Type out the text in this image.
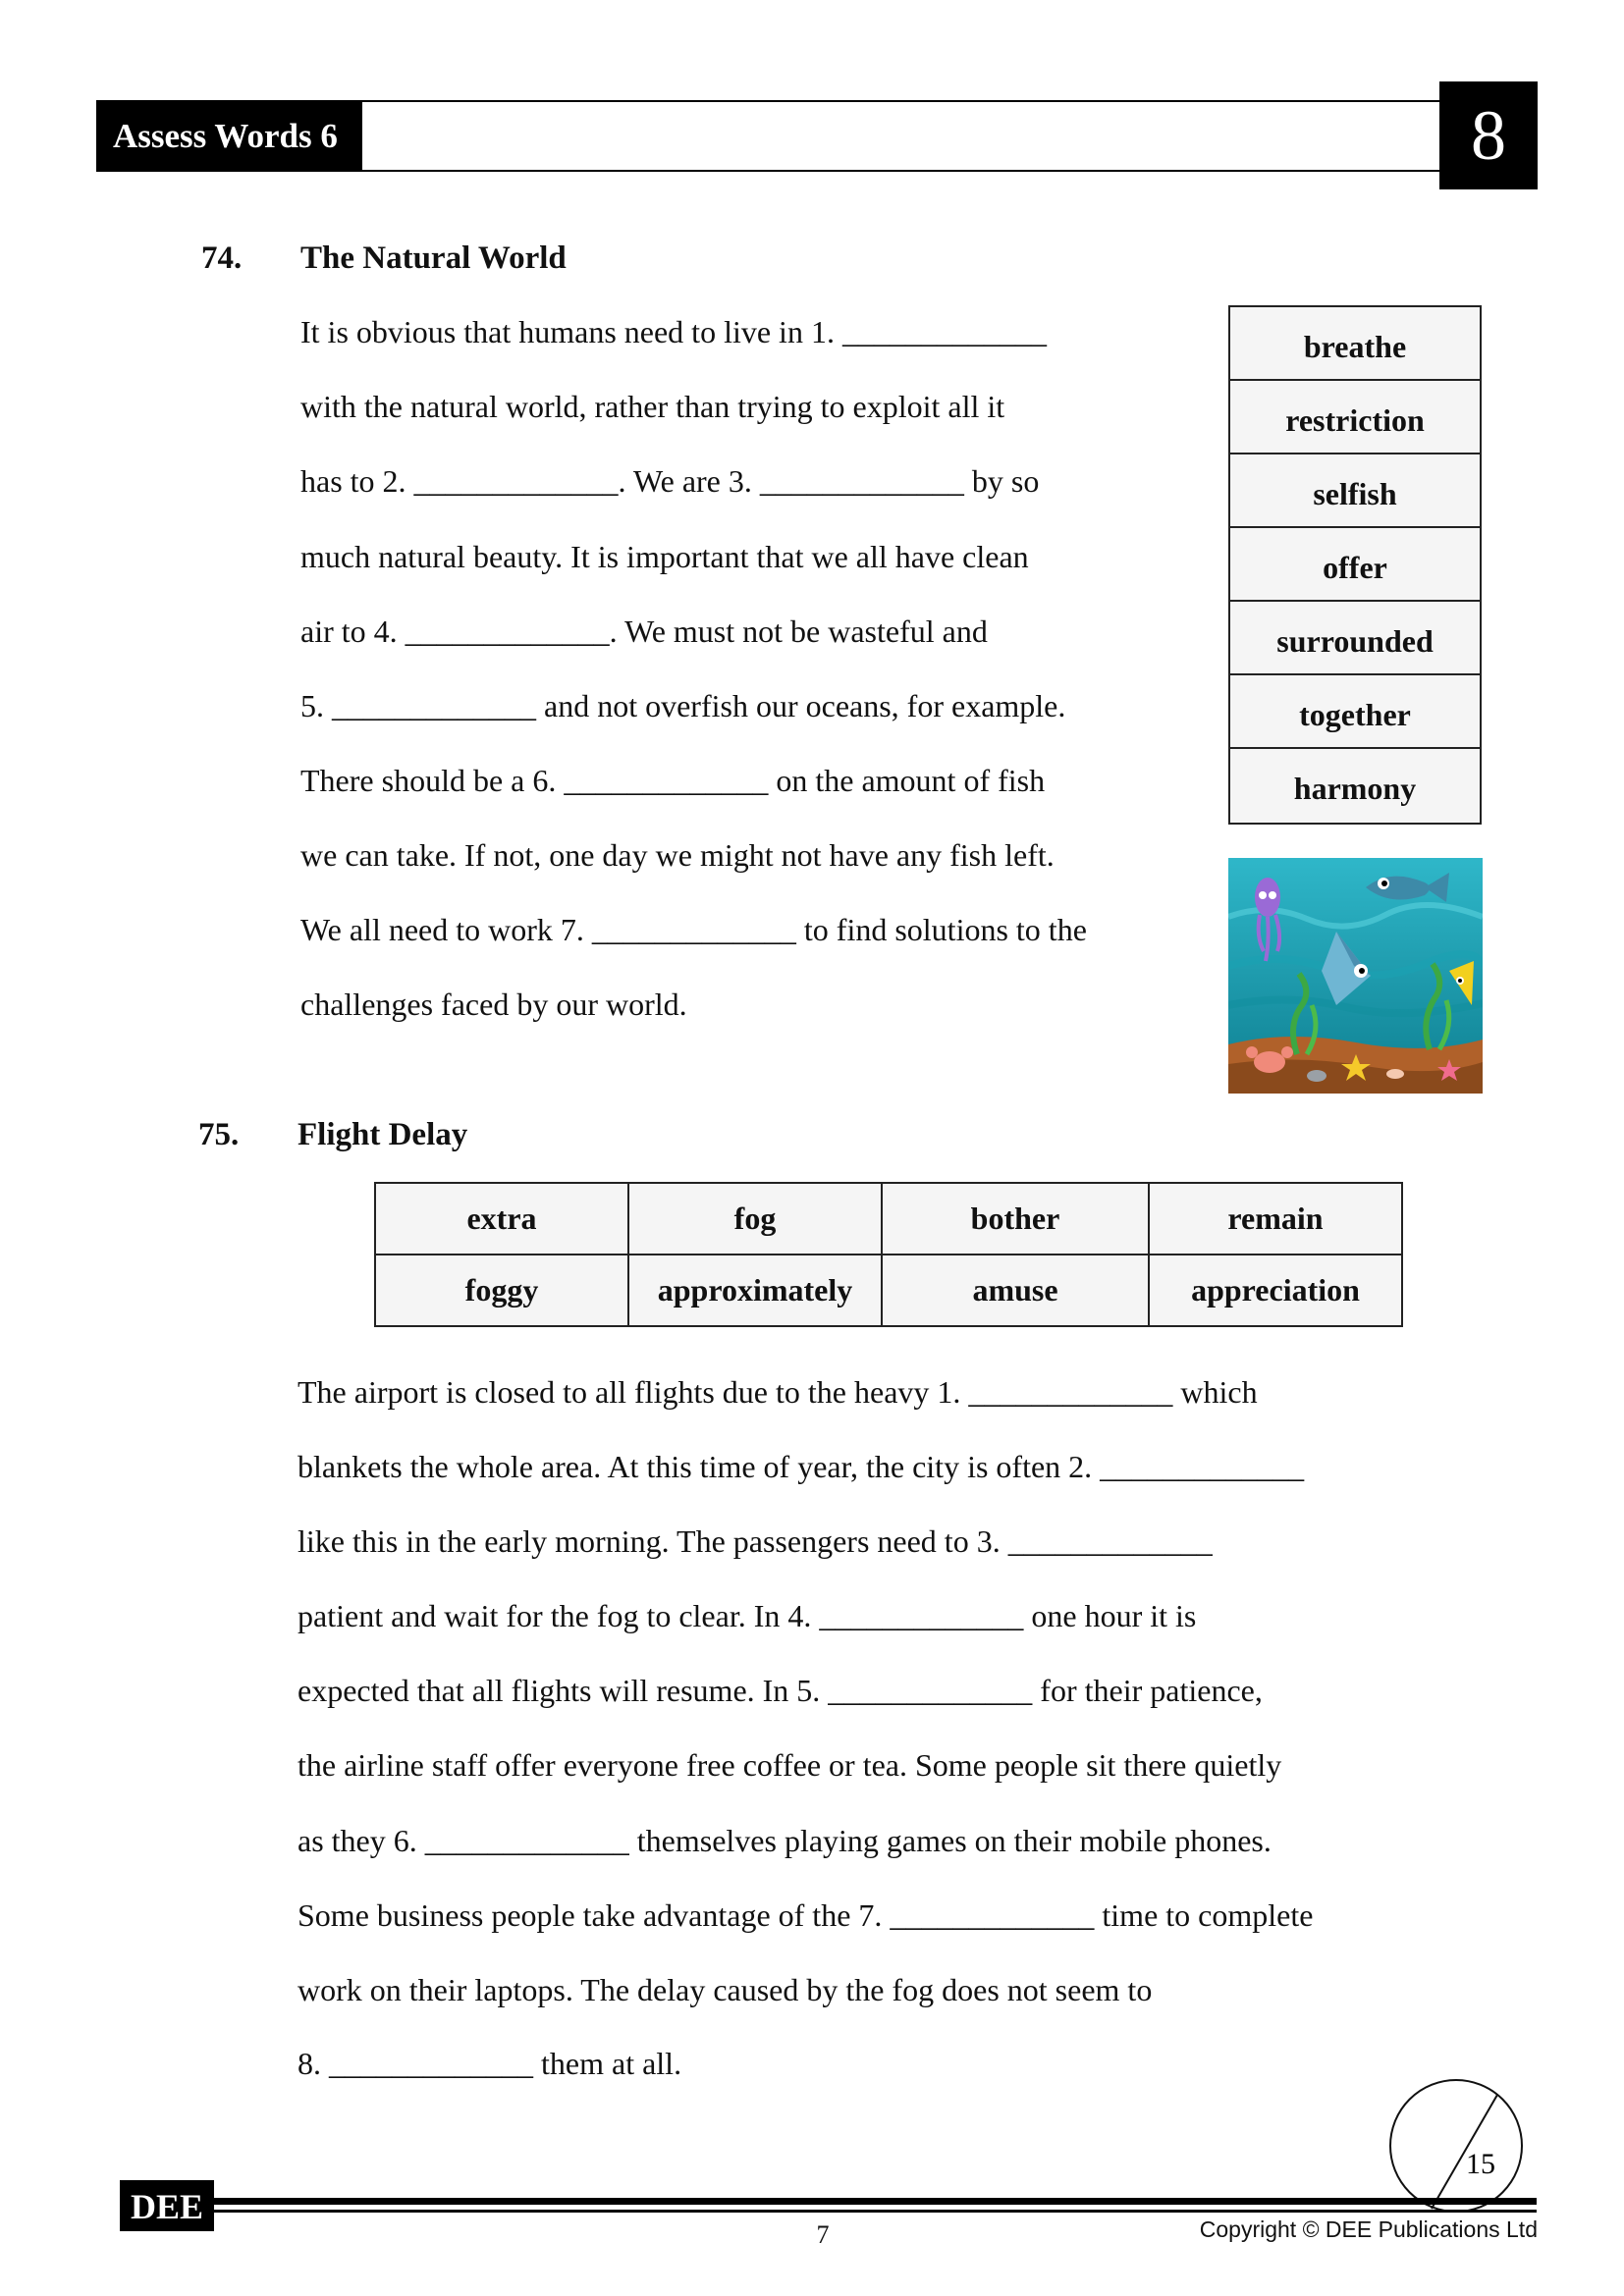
Assess Words 6	8
74. The Natural World
It is obvious that humans need to live in 1. _____________
with the natural world, rather than trying to exploit all it
has to 2. _____________. We are 3. _____________ by so
much natural beauty. It is important that we all have clean
air to 4. _____________. We must not be wasteful and
5. _____________ and not overfish our oceans, for example.
There should be a 6. _____________ on the amount of fish
we can take. If not, one day we might not have any fish left.
We all need to work 7. _____________ to find solutions to the
challenges faced by our world.
breathe
restriction
selfish
offer
surrounded
together
harmony
75. Flight Delay
extra	fog	bother	remain
foggy	approximately	amuse	appreciation
The airport is closed to all flights due to the heavy 1. _____________ which
blankets the whole area. At this time of year, the city is often 2. _____________
like this in the early morning. The passengers need to 3. _____________
patient and wait for the fog to clear. In 4. _____________ one hour it is
expected that all flights will resume. In 5. _____________ for their patience,
the airline staff offer everyone free coffee or tea. Some people sit there quietly
as they 6. _____________ themselves playing games on their mobile phones.
Some business people take advantage of the 7. _____________ time to complete
work on their laptops. The delay caused by the fog does not seem to
8. _____________ them at all.
15
DEE
7	Copyright © DEE Publications Ltd
